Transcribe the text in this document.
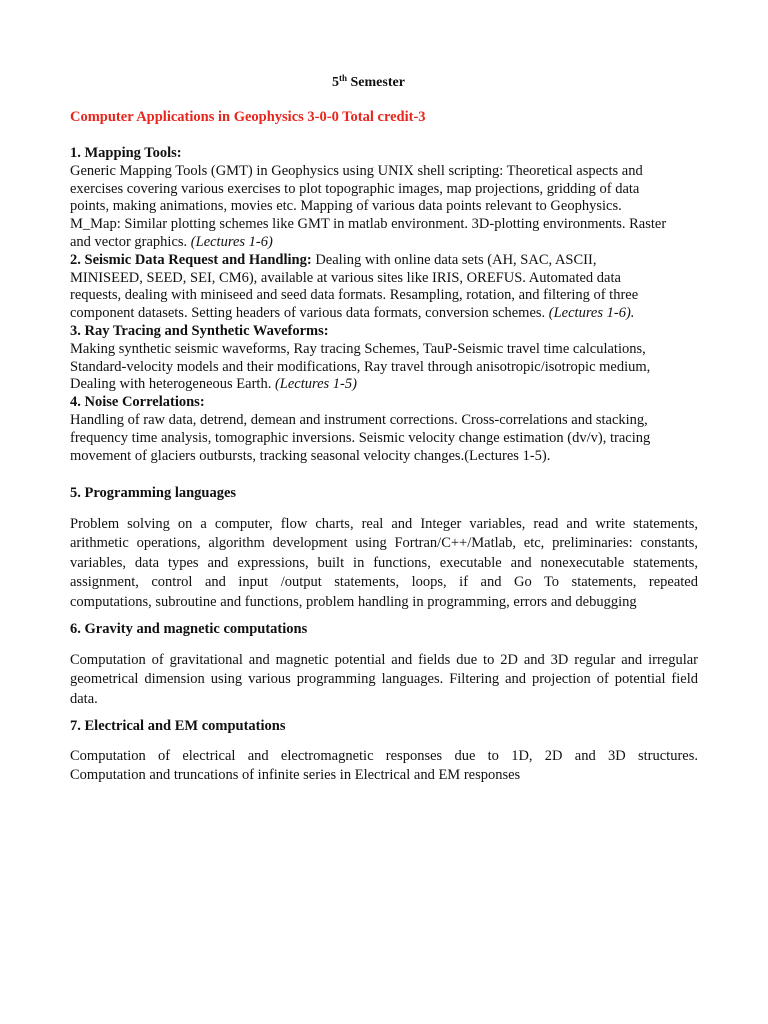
5th Semester
Computer Applications in Geophysics 3-0-0 Total credit-3
1. Mapping Tools:
Generic Mapping Tools (GMT) in Geophysics using UNIX shell scripting: Theoretical aspects and
exercises covering various exercises to plot topographic images, map projections, gridding of data
points, making animations, movies etc. Mapping of various data points relevant to Geophysics.
M_Map: Similar plotting schemes like GMT in matlab environment. 3D-plotting environments. Raster
and vector graphics. (Lectures 1-6)
2. Seismic Data Request and Handling: Dealing with online data sets (AH, SAC, ASCII,
MINISEED, SEED, SEI, CM6), available at various sites like IRIS, OREFUS. Automated data
requests, dealing with miniseed and seed data formats. Resampling, rotation, and filtering of three
component datasets. Setting headers of various data formats, conversion schemes. (Lectures 1-6).
3. Ray Tracing and Synthetic Waveforms:
Making synthetic seismic waveforms, Ray tracing Schemes, TauP-Seismic travel time calculations,
Standard-velocity models and their modifications, Ray travel through anisotropic/isotropic medium,
Dealing with heterogeneous Earth. (Lectures 1-5)
4. Noise Correlations:
Handling of raw data, detrend, demean and instrument corrections. Cross-correlations and stacking,
frequency time analysis, tomographic inversions. Seismic velocity change estimation (dv/v), tracing
movement of glaciers outbursts, tracking seasonal velocity changes.(Lectures 1-5).
5. Programming languages
Problem solving on a computer, flow charts, real and Integer variables, read and write statements,
arithmetic operations, algorithm development using Fortran/C++/Matlab, etc, preliminaries: constants,
variables, data types and expressions, built in functions, executable and nonexecutable statements,
assignment, control and input /output statements, loops, if and Go To statements, repeated
computations, subroutine and functions, problem handling in programming, errors and debugging
6. Gravity and magnetic computations
Computation of gravitational and magnetic potential and fields due to 2D and 3D regular and irregular
geometrical dimension using various programming languages. Filtering and projection of potential field
data.
7. Electrical and EM computations
Computation of electrical and electromagnetic responses due to 1D, 2D and 3D structures.
Computation and truncations of infinite series in Electrical and EM responses
